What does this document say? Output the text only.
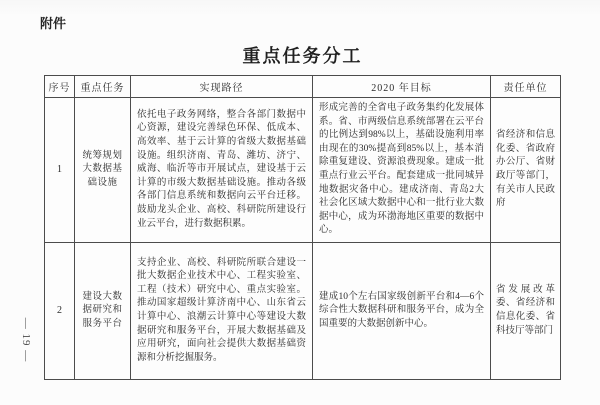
附件
重点任务分工
序号	重点任务	实现路径	2020 年目标	责任单位
1	统筹规划大数据基础设施	依托电子政务网络，整合各部门数据中心资源，建设完善绿色环保、低成本、高效率、基于云计算的省级大数据基础设施。组织济南、青岛、潍坊、济宁、威海、临沂等市开展试点，建设基于云计算的市级大数据基础设施。推动各级各部门信息系统和数据向云平台迁移。鼓励龙头企业、高校、科研院所建设行业云平台，进行数据积累。	形成完善的全省电子政务集约化发展体系。省、市两级信息系统部署在云平台的比例达到98%以上，基础设施利用率由现在的30%提高到85%以上，基本消除重复建设、资源浪费现象。建成一批重点行业云平台。配套建成一批同城异地数据灾备中心。建成济南、青岛2大社会化区域大数据中心和一批行业大数据中心，成为环渤海地区重要的数据中心。	省经济和信息化委、省政府办公厅、省财政厅等部门，有关市人民政府
2	建设大数据研究和服务平台	支持企业、高校、科研院所联合建设一批大数据企业技术中心、工程实验室、工程（技术）研究中心、重点实验室。推动国家超级计算济南中心、山东省云计算中心、浪潮云计算中心等建设大数据研究和服务平台，开展大数据基础及应用研究，面向社会提供大数据基础资源和分析挖掘服务。	建成10个左右国家级创新平台和4—6个综合性大数据科研和服务平台，成为全国重要的大数据创新中心。	省发展改革委、省经济和信息化委、省科技厅等部门
— 19 —
